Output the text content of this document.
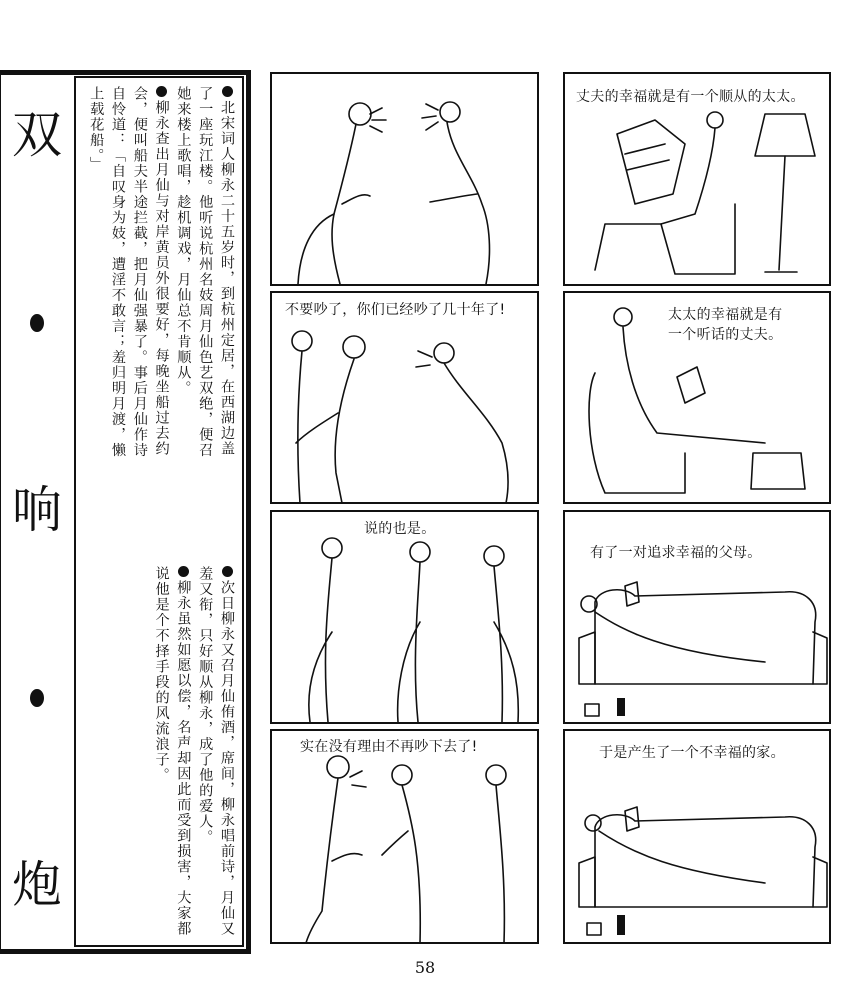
双
响
炮

北宋词人柳永二十五岁时，到杭州定居，在西湖边盖了一座玩江楼。他听说杭州名妓周月仙色艺双绝，便召她来楼上歌唱，趁机调戏，月仙总不肯顺从。

柳永查出月仙与对岸黄员外很要好，每晚坐船过去约会，便叫船夫半途拦截，把月仙强暴了。事后月仙作诗自怜道：「自叹身为妓，遭淫不敢言；羞归明月渡，懒上载花船。」

次日柳永又召月仙侑酒，席间，柳永唱前诗，月仙又羞又衔，只好顺从柳永，成了他的爱人。

柳永虽然如愿以偿，名声却因此而受到损害，大家都说他是个不择手段的风流浪子。

丈夫的幸福就是有一个顺从的太太。
不要吵了，你们已经吵了几十年了!	太太的幸福就是有
一个听话的丈夫。
说的也是。
有了一对追求幸福的父母。
实在没有理由不再吵下去了!	于是产生了一个不幸福的家。
58
